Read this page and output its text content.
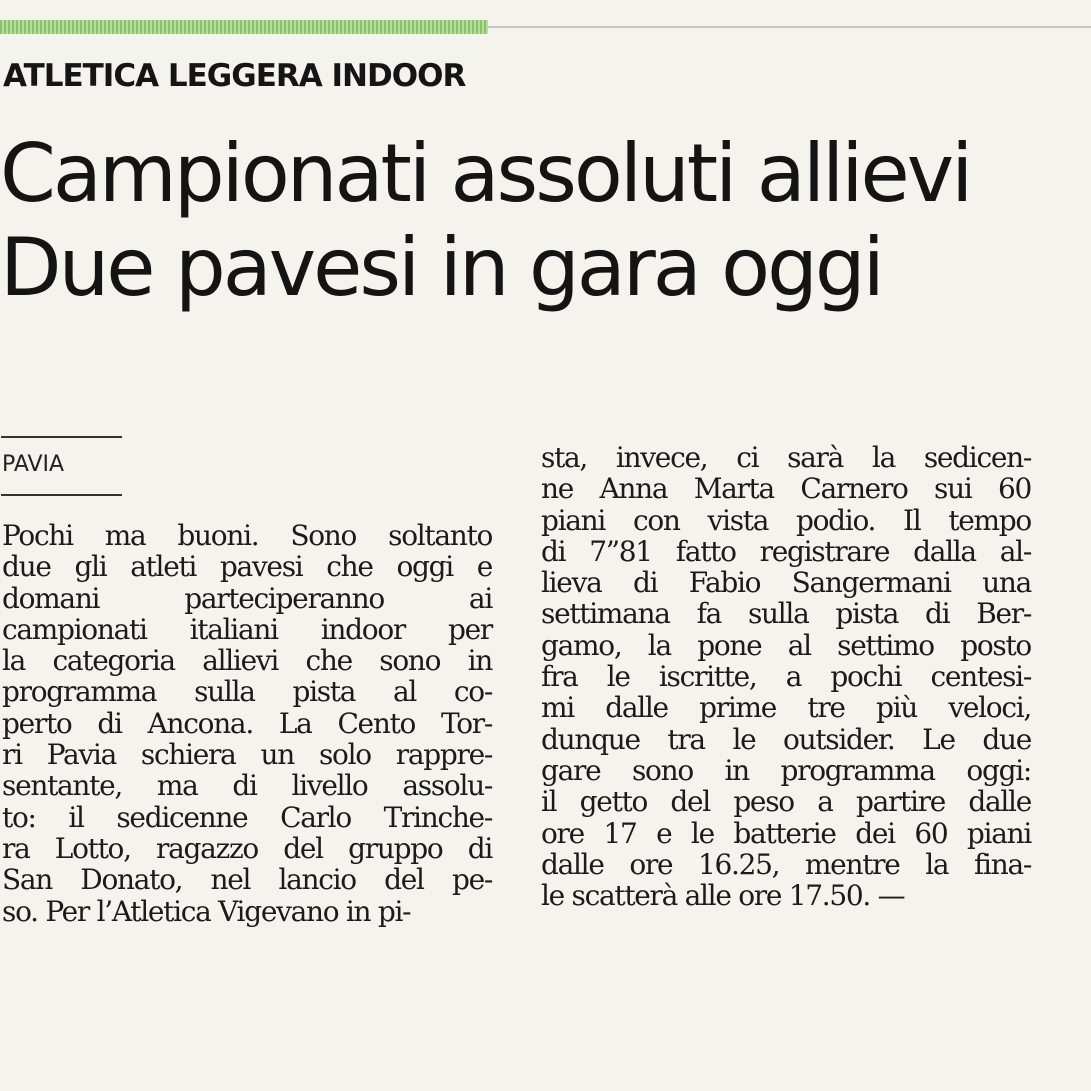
ATLETICA LEGGERA INDOOR
Campionati assoluti allievi
Due pavesi in gara oggi
PAVIA
Pochi ma buoni. Sono soltanto
due gli atleti pavesi che oggi e
domani parteciperanno ai
campionati italiani indoor per
la categoria allievi che sono in
programma sulla pista al co-
perto di Ancona. La Cento Tor-
ri Pavia schiera un solo rappre-
sentante, ma di livello assolu-
to: il sedicenne Carlo Trinche-
ra Lotto, ragazzo del gruppo di
San Donato, nel lancio del pe-
so. Per l’Atletica Vigevano in pi-
sta, invece, ci sarà la sedicen-
ne Anna Marta Carnero sui 60
piani con vista podio. Il tempo
di 7”81 fatto registrare dalla al-
lieva di Fabio Sangermani una
settimana fa sulla pista di Ber-
gamo, la pone al settimo posto
fra le iscritte, a pochi centesi-
mi dalle prime tre più veloci,
dunque tra le outsider. Le due
gare sono in programma oggi:
il getto del peso a partire dalle
ore 17 e le batterie dei 60 piani
dalle ore 16.25, mentre la fina-
le scatterà alle ore 17.50. —
